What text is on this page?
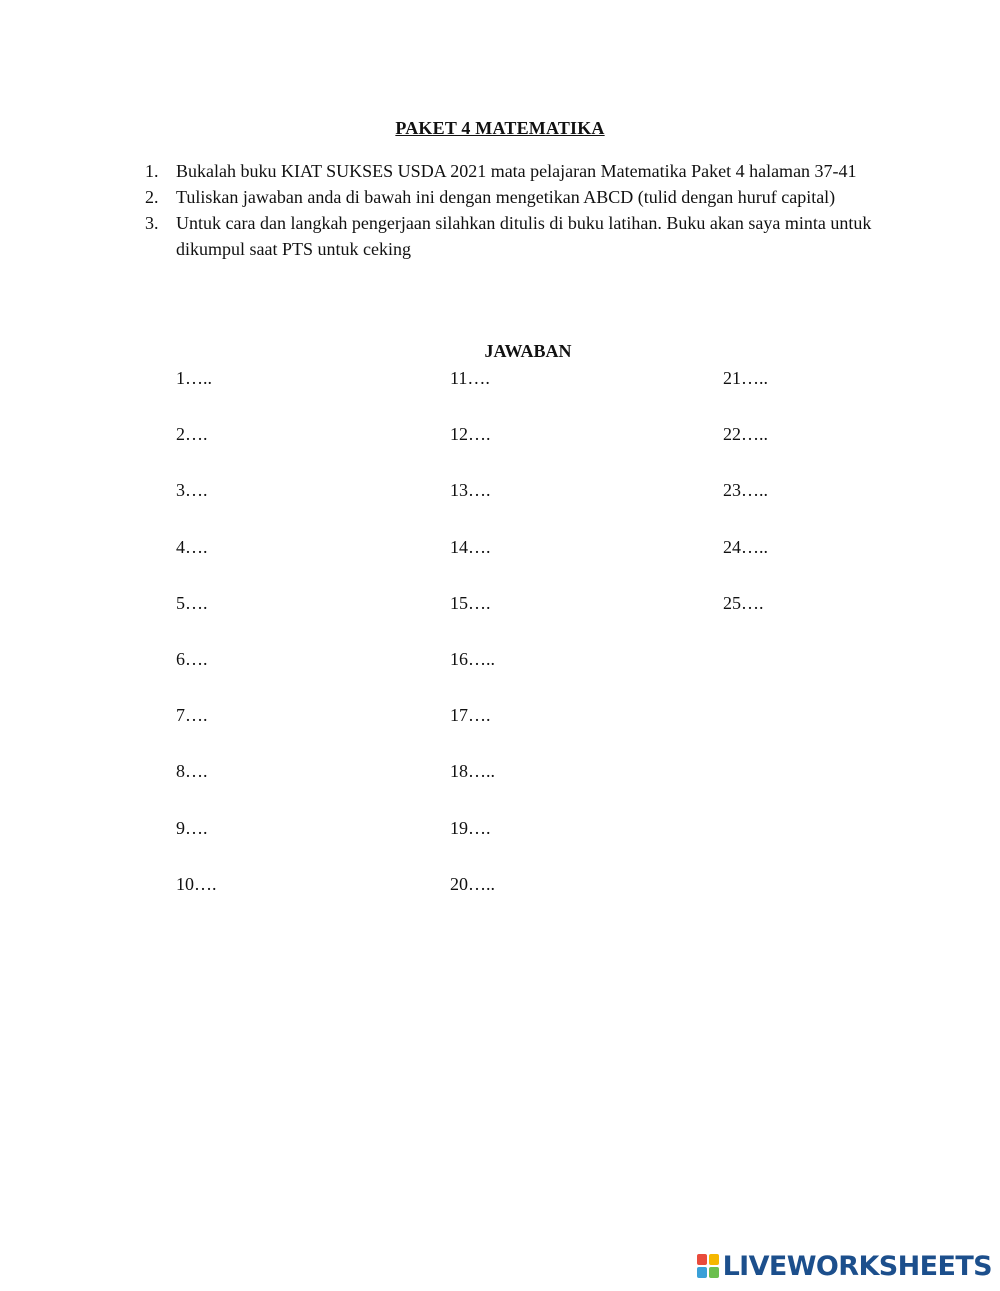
PAKET 4 MATEMATIKA
1. Bukalah buku KIAT SUKSES USDA 2021 mata pelajaran Matematika Paket 4 halaman 37-41
2. Tuliskan jawaban anda di bawah ini dengan mengetikan ABCD (tulid dengan huruf capital)
3. Untuk cara dan langkah pengerjaan silahkan ditulis di buku latihan. Buku akan saya minta untuk dikumpul saat PTS untuk ceking
JAWABAN
1…..
2….
3….
4….
5….
6….
7….
8….
9….
10….
11….
12….
13….
14….
15….
16…..
17….
18…..
19….
20…..
21…..
22…..
23…..
24…..
25….
LIVEWORKSHEETS
